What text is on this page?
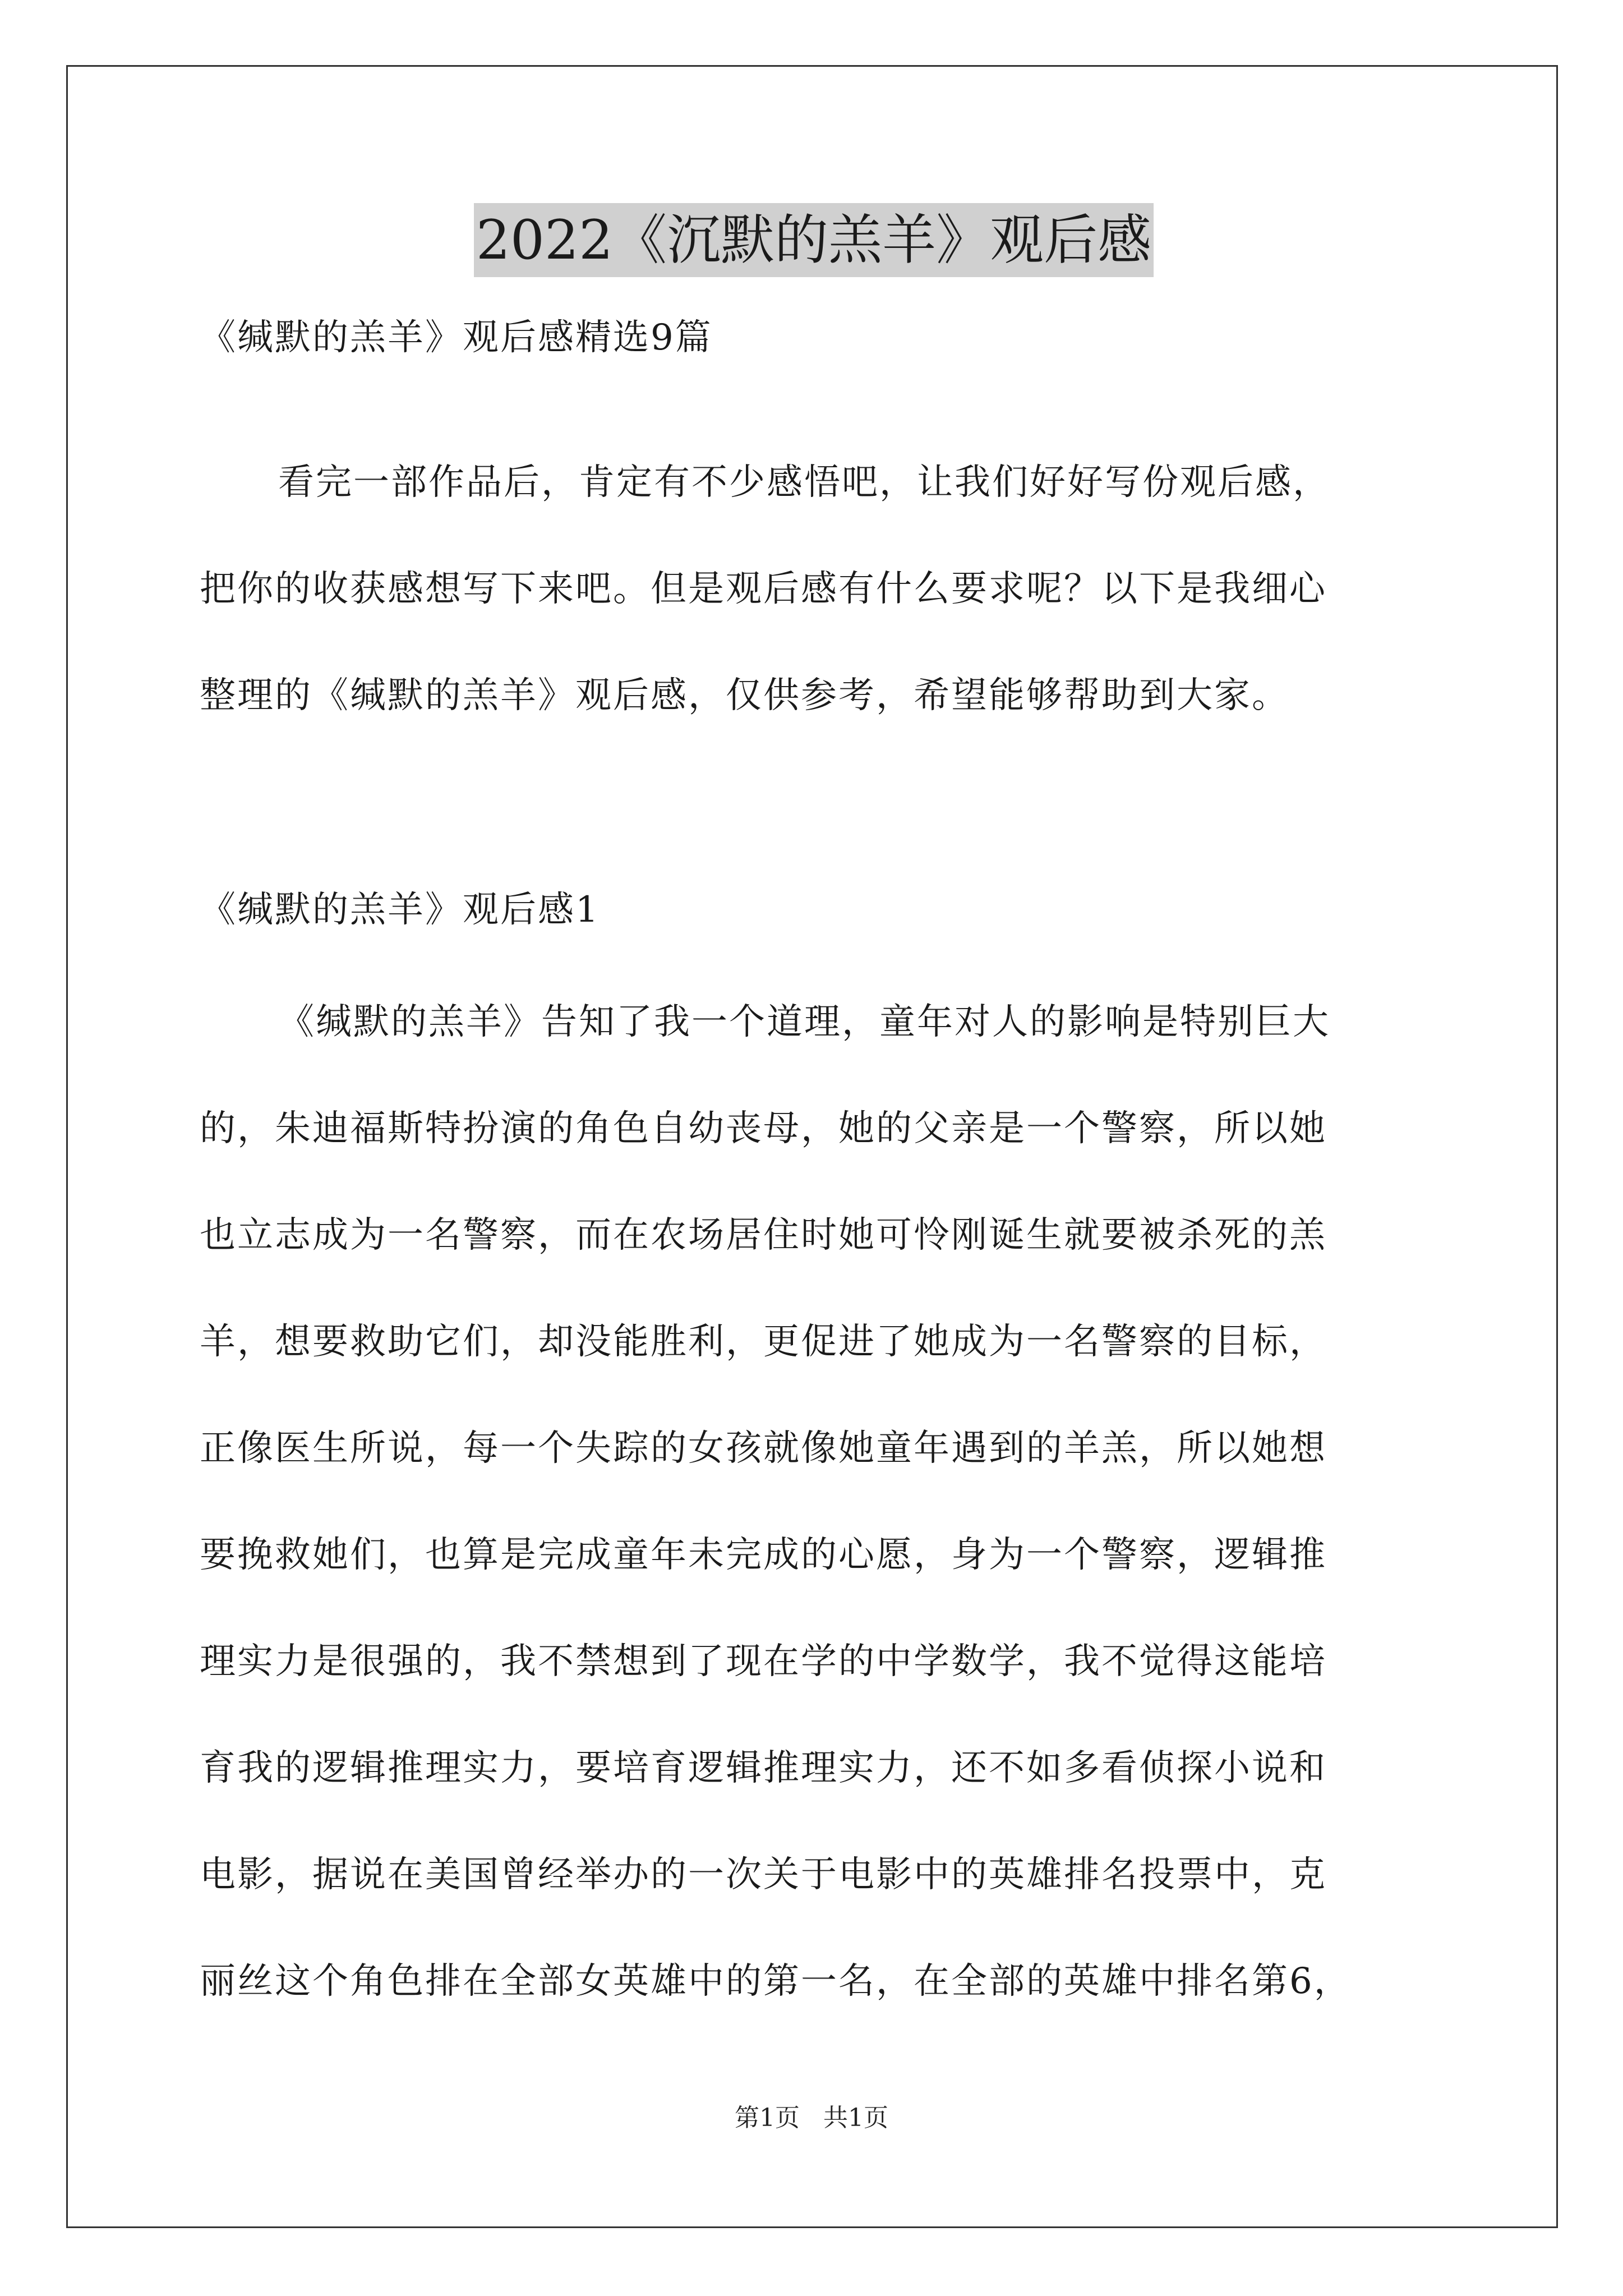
2022《沉默的羔羊》观后感
《缄默的羔羊》观后感精选9篇
看完一部作品后，肯定有不少感悟吧，让我们好好写份观后感，
把你的收获感想写下来吧。但是观后感有什么要求呢？以下是我细心
整理的《缄默的羔羊》观后感，仅供参考，希望能够帮助到大家。
《缄默的羔羊》观后感1
《缄默的羔羊》告知了我一个道理，童年对人的影响是特别巨大
的，朱迪福斯特扮演的角色自幼丧母，她的父亲是一个警察，所以她
也立志成为一名警察，而在农场居住时她可怜刚诞生就要被杀死的羔
羊，想要救助它们，却没能胜利，更促进了她成为一名警察的目标，
正像医生所说，每一个失踪的女孩就像她童年遇到的羊羔，所以她想
要挽救她们，也算是完成童年未完成的心愿，身为一个警察，逻辑推
理实力是很强的，我不禁想到了现在学的中学数学，我不觉得这能培
育我的逻辑推理实力，要培育逻辑推理实力，还不如多看侦探小说和
电影，据说在美国曾经举办的一次关于电影中的英雄排名投票中，克
丽丝这个角色排在全部女英雄中的第一名，在全部的英雄中排名第6，
第1页 共1页
